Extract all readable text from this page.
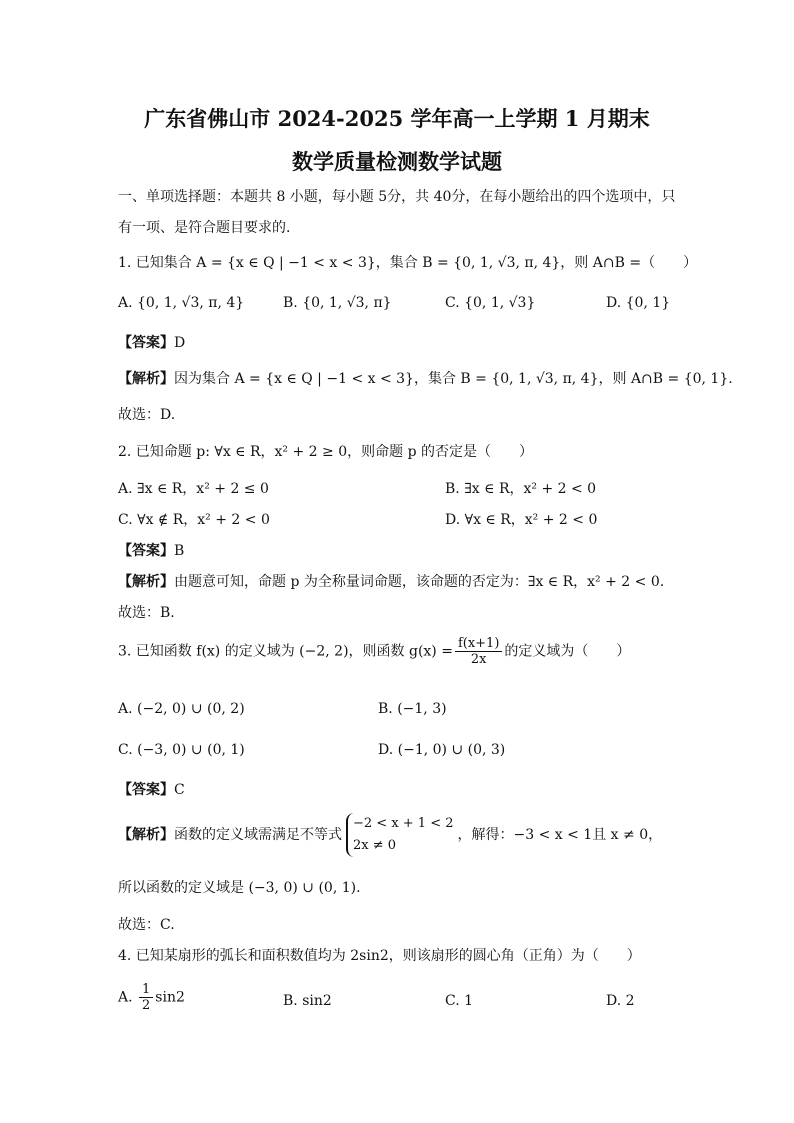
广东省佛山市 2024-2025 学年高一上学期 1 月期末
数学质量检测数学试题
一、单项选择题：本题共 8 小题，每小题 5分，共 40分，在每小题给出的四个选项中，只
有一项、是符合题目要求的.
1. 已知集合 A = {x ∈ Q | −1 < x < 3}，集合 B = {0, 1, √3, π, 4}，则 A∩B =（　　）
A. {0, 1, √3, π, 4}	B. {0, 1, √3, π}	C. {0, 1, √3}	D. {0, 1}
【答案】D
【解析】因为集合 A = {x ∈ Q | −1 < x < 3}，集合 B = {0, 1, √3, π, 4}，则 A∩B = {0, 1}.
故选：D.
2. 已知命题 p: ∀x ∈ R，x² + 2 ≥ 0，则命题 p 的否定是（　　）
A. ∃x ∈ R，x² + 2 ≤ 0	B. ∃x ∈ R，x² + 2 < 0
C. ∀x ∉ R，x² + 2 < 0	D. ∀x ∈ R，x² + 2 < 0
【答案】B
【解析】由题意可知，命题 p 为全称量词命题，该命题的否定为：∃x ∈ R，x² + 2 < 0.
故选：B.
3. 已知函数 f(x) 的定义域为 (−2, 2)，则函数 $g(x) = \frac{f(x+1)}{2x}$ 的定义域为（　　）
A. (−2, 0) ∪ (0, 2)	B. (−1, 3)
C. (−3, 0) ∪ (0, 1)	D. (−1, 0) ∪ (0, 3)
【答案】C
【解析】函数的定义域需满足不等式
−2 < x + 1 < 2
2x ≠ 0
，解得：−3 < x < 1且 x ≠ 0，
所以函数的定义域是 (−3, 0) ∪ (0, 1).
故选：C.
4. 已知某扇形的弧长和面积数值均为 2sin2，则该扇形的圆心角（正角）为（　　）
A. $\frac{1}{2} \sin 2$	B. sin2	C. 1	D. 2
